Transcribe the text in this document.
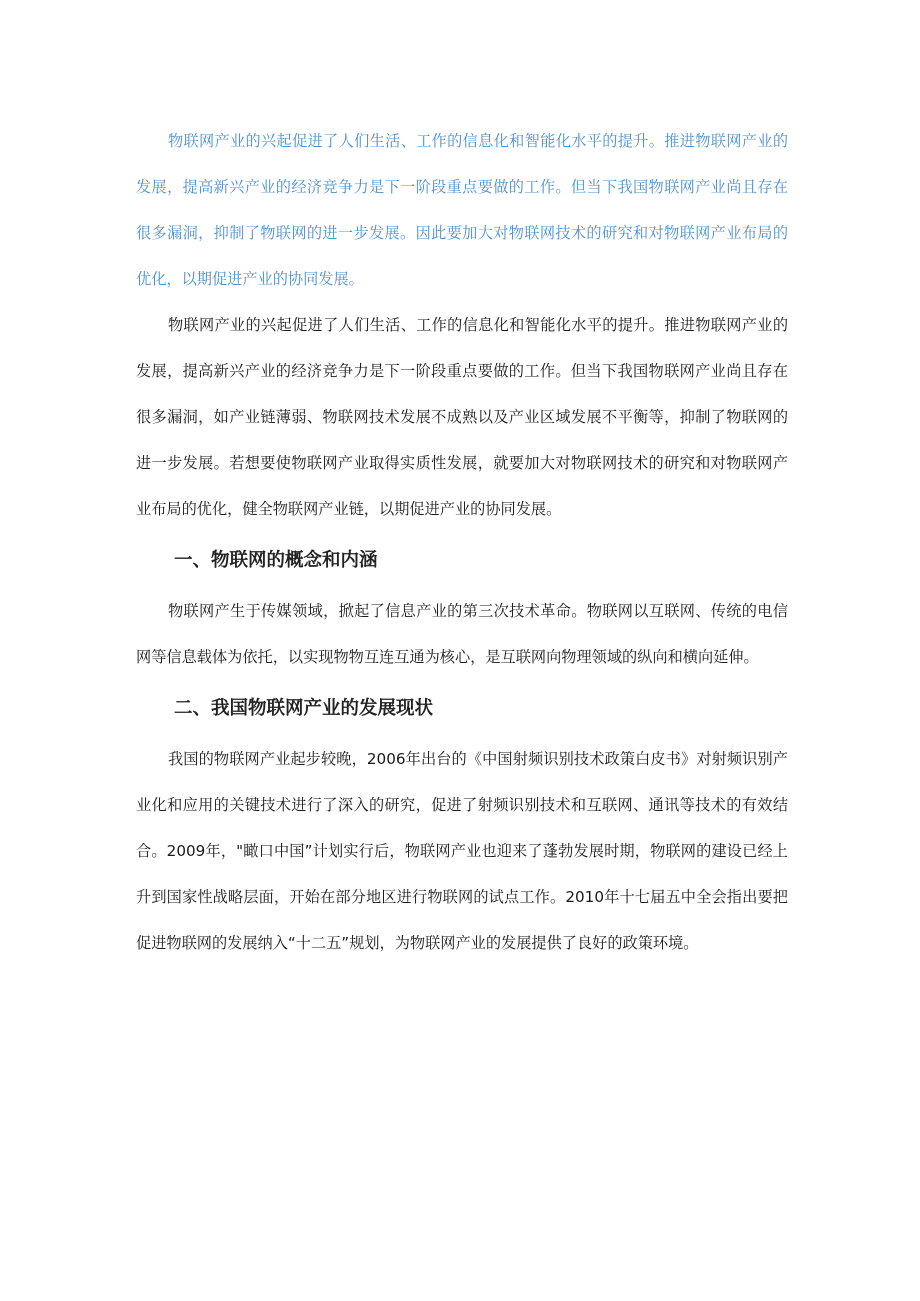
物联网产业的兴起促进了人们生活、工作的信息化和智能化水平的提升。推进物联网产业的发展，提高新兴产业的经济竞争力是下一阶段重点要做的工作。但当下我国物联网产业尚且存在很多漏洞，抑制了物联网的进一步发展。因此要加大对物联网技术的研究和对物联网产业布局的优化，以期促进产业的协同发展。

物联网产业的兴起促进了人们生活、工作的信息化和智能化水平的提升。推进物联网产业的发展，提高新兴产业的经济竞争力是下一阶段重点要做的工作。但当下我国物联网产业尚且存在很多漏洞，如产业链薄弱、物联网技术发展不成熟以及产业区域发展不平衡等，抑制了物联网的进一步发展。若想要使物联网产业取得实质性发展，就要加大对物联网技术的研究和对物联网产业布局的优化，健全物联网产业链，以期促进产业的协同发展。

一、物联网的概念和内涵

物联网产生于传媒领域，掀起了信息产业的第三次技术革命。物联网以互联网、传统的电信网等信息载体为依托，以实现物物互连互通为核心，是互联网向物理领域的纵向和横向延伸。

二、我国物联网产业的发展现状

我国的物联网产业起步较晚，2006年出台的《中国射频识别技术政策白皮书》对射频识别产业化和应用的关键技术进行了深入的研究，促进了射频识别技术和互联网、通讯等技术的有效结合。2009年，"瞰口中国”计划实行后，物联网产业也迎来了蓬勃发展时期，物联网的建设已经上升到国家性战略层面，开始在部分地区进行物联网的试点工作。2010年十七届五中全会指出要把促进物联网的发展纳入“十二五”规划，为物联网产业的发展提供了良好的政策环境。
